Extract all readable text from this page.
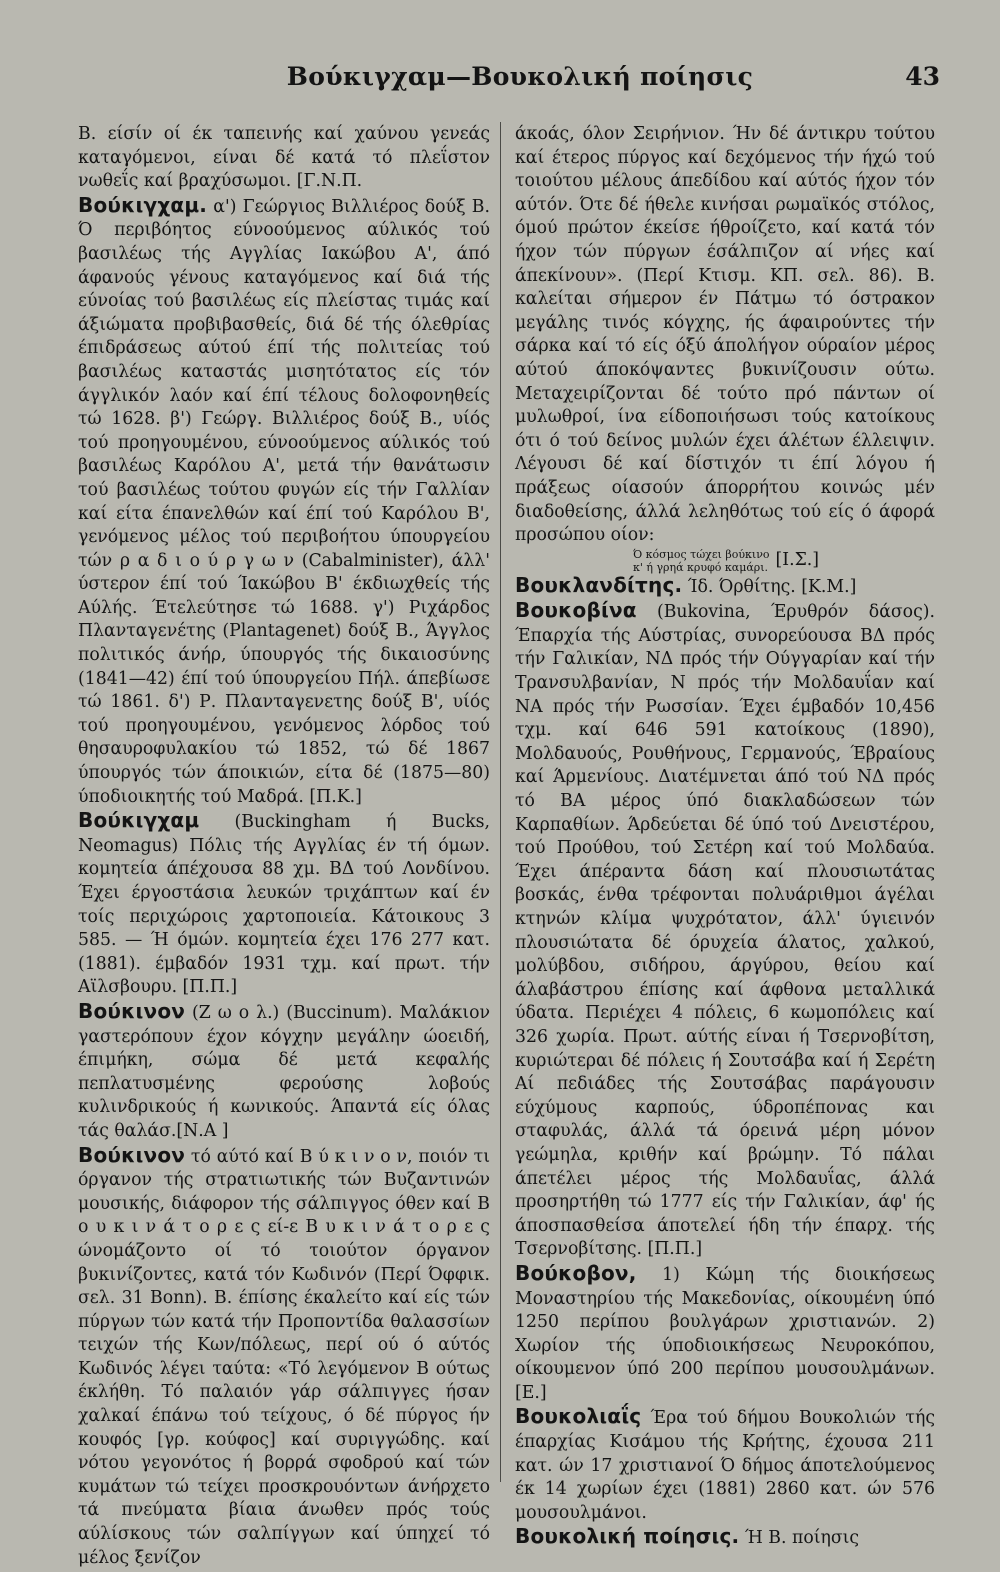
Βούκιγχαμ—Βουκολική ποίησις	43

Β. είσίν οί έκ ταπεινής καί χαύνου γενεάς καταγόμενοι, είναι δέ κατά τό πλεΐστον νωθεΐς καί βραχύσωμοι. [Γ.Ν.Π.

Βούκιγχαμ. α') Γεώργιος Βιλλιέρος δούξ Β. Ό περιβόητος εύνοούμενος αύλικός τού βασιλέως τής Αγγλίας Ιακώβου Α', άπό άφανούς γένους καταγόμενος καί διά τής εύνοίας τού βασιλέως είς πλείστας τιμάς καί άξιώματα προβιβασθείς, διά δέ τής όλεθρίας έπιδράσεως αύτού έπί τής πολιτείας τού βασιλέως καταστάς μισητότατος είς τόν άγγλικόν λαόν καί έπί τέλους δολοφονηθείς τώ 1628. β') Γεώργ. Βιλλιέρος δούξ Β., υίός τού προηγουμένου, εύνοούμενος αύλικός τού βασιλέως Καρόλου Α', μετά τήν θανάτωσιν τού βασιλέως τούτου φυγών είς τήν Γαλλίαν καί είτα έπανελθών καί έπί τού Καρόλου Β', γενόμενος μέλος τού περιβοήτου ύπουργείου τών ρ α δ ι ο ύ ρ γ ω ν (Cabalminister), άλλ' ύστερον έπί τού Ίακώβου Β' έκδιωχθείς τής Αύλής. Έτελεύτησε τώ 1688. γ') Ριχάρδος Πλανταγενέτης (Plantagenet) δούξ Β., Άγγλος πολιτικός άνήρ, ύπουργός τής δικαιοσύνης (1841—42) έπί τού ύπουργείου Πήλ. άπεβίωσε τώ 1861. δ') Ρ. Πλανταγενετης δούξ Β', υίός τού προηγουμένου, γενόμενος λόρδος τού θησαυροφυλακίου τώ 1852, τώ δέ 1867 ύπουργός τών άποικιών, είτα δέ (1875—80) ύποδιοικητής τού Μαδρά. [Π.Κ.]

Βούκιγχαμ (Buckingham ή Bucks, Neomagus) Πόλις τής Αγγλίας έν τή όμων. κομητεία άπέχουσα 88 χμ. ΒΔ τού Λονδίνου. Έχει έργοστάσια λευκών τριχάπτων καί έν τοίς περιχώροις χαρτοποιεία. Κάτοικους 3 585. — Ή όμών. κομητεία έχει 176 277 κατ. (1881). έμβαδόν 1931 τχμ. καί πρωτ. τήν Αϊλσβουρυ. [Π.Π.]

Βούκινον (Ζ ω ο λ.) (Buccinum). Μαλάκιον γαστερόπουν έχον κόγχην μεγάλην ώοειδή, έπιμήκη, σώμα δέ μετά κεφαλής πεπλατυσμένης φερούσης λοβούς κυλινδρικούς ή κωνικούς. Άπαντά είς όλας τάς θαλάσ.[Ν.Α ]

Βούκινον τό αύτό καί Β ύ κ ι ν ο ν, ποιόν τι όργανον τής στρατιωτικής τών Βυζαντινών μουσικής, διάφορον τής σάλπιγγος όθεν καί Β ο υ κ ι ν ά τ ο ρ ε ς εί-ε Β υ κ ι ν ά τ ο ρ ε ς ώνομάζοντο οί τό τοιούτον όργανον βυκινίζοντες, κατά τόν Κωδινόν (Περί Όφφικ. σελ. 31 Bonn). Β. έπίσης έκαλείτο καί είς τών πύργων τών κατά τήν Προποντίδα θαλασσίων τειχών τής Κων/πόλεως, περί ού ό αύτός Κωδινός λέγει ταύτα: «Τό λεγόμενον Β ούτως έκλήθη. Τό παλαιόν γάρ σάλπιγγες ήσαν χαλκαί έπάνω τού τείχους, ό δέ πύργος ήν κουφός [γρ. κούφος] καί συριγγώδης. καί νότου γεγονότος ή βορρά σφοδρού καί τών κυμάτων τώ τείχει προσκρουόντων άνήρχετο τά πνεύματα βίαια άνωθεν πρός τούς αύλίσκους τών σαλπίγγων καί ύπηχεί τό μέλος ξενίζον

άκοάς, όλον Σειρήνιον. Ήν δέ άντικρυ τούτου καί έτερος πύργος καί δεχόμενος τήν ήχώ τού τοιούτου μέλους άπεδίδου καί αύτός ήχον τόν αύτόν. Ότε δέ ήθελε κινήσαι ρωμαϊκός στόλος, όμού πρώτον έκείσε ήθροίζετο, καί κατά τόν ήχον τών πύργων έσάλπιζον αί νήες καί άπεκίνουν». (Περί Κτισμ. ΚΠ. σελ. 86). Β. καλείται σήμερον έν Πάτμω τό όστρακον μεγάλης τινός κόγχης, ής άφαιρούντες τήν σάρκα καί τό είς όξύ άπολήγον ούραίον μέρος αύτού άποκόψαντες βυκινίζουσιν ούτω. Μεταχειρίζονται δέ τούτο πρό πάντων οί μυλωθροί, ίνα είδοποιήσωσι τούς κατοίκους ότι ό τού δείνος μυλών έχει άλέτων έλλειψιν. Λέγουσι δέ καί δίστιχόν τι έπί λόγου ή πράξεως οίασούν άπορρήτου κοινώς μέν διαδοθείσης, άλλά λεληθότως τού είς ό άφορά προσώπου οίον:

Ό κόσμος τώχει βούκινο
κ' ή γρηά κρυφό καμάρι. [Ι.Σ.]

Βουκλανδίτης. Ίδ. Όρθίτης. [Κ.Μ.]

Βουκοβίνα (Bukovina, Έρυθρόν δάσος). Έπαρχία τής Αύστρίας, συνορεύουσα ΒΔ πρός τήν Γαλικίαν, ΝΔ πρός τήν Ούγγαρίαν καί τήν Τρανσυλβανίαν, Ν πρός τήν Μολδαυΐαν καί ΝΑ πρός τήν Ρωσσίαν. Έχει έμβαδόν 10,456 τχμ. καί 646 591 κατοίκους (1890), Μολδαυούς, Ρουθήνους, Γερμανούς, Έβραίους καί Άρμενίους. Διατέμνεται άπό τού ΝΔ πρός τό ΒΑ μέρος ύπό διακλαδώσεων τών Καρπαθίων. Άρδεύεται δέ ύπό τού Δνειστέρου, τού Προύθου, τού Σετέρη καί τού Μολδαύα. Έχει άπέραντα δάση καί πλουσιωτάτας βοσκάς, ένθα τρέφονται πολυάριθμοι άγέλαι κτηνών κλίμα ψυχρότατον, άλλ' ύγιεινόν πλουσιώτατα δέ όρυχεία άλατος, χαλκού, μολύβδου, σιδήρου, άργύρου, θείου καί άλαβάστρου έπίσης καί άφθονα μεταλλικά ύδατα. Περιέχει 4 πόλεις, 6 κωμοπόλεις καί 326 χωρία. Πρωτ. αύτής είναι ή Τσερνοβίτση, κυριώτεραι δέ πόλεις ή Σουτσάβα καί ή Σερέτη Αί πεδιάδες τής Σουτσάβας παράγουσιν εύχύμους καρπούς, ύδροπέπονας και σταφυλάς, άλλά τά όρεινά μέρη μόνον γεώμηλα, κριθήν καί βρώμην. Τό πάλαι άπετέλει μέρος τής Μολδαυΐας, άλλά προσηρτήθη τώ 1777 είς τήν Γαλικίαν, άφ' ής άποσπασθείσα άποτελεί ήδη τήν έπαρχ. τής Τσερνοβίτσης. [Π.Π.]

Βούκοβον, 1) Κώμη τής διοικήσεως Μοναστηρίου τής Μακεδονίας, οίκουμένη ύπό 1250 περίπου βουλγάρων χριστιανών. 2) Χωρίον τής ύποδιοικήσεως Νευροκόπου, οίκουμενον ύπό 200 περίπου μουσουλμάνων. [Ε.]

Βουκολιαΐς Έρα τού δήμου Βουκολιών τής έπαρχίας Κισάμου τής Κρήτης, έχουσα 211 κατ. ών 17 χριστιανοί Ό δήμος άποτελούμενος έκ 14 χωρίων έχει (1881) 2860 κατ. ών 576 μουσουλμάνοι.

Βουκολική ποίησις. Ή Β. ποίησις
